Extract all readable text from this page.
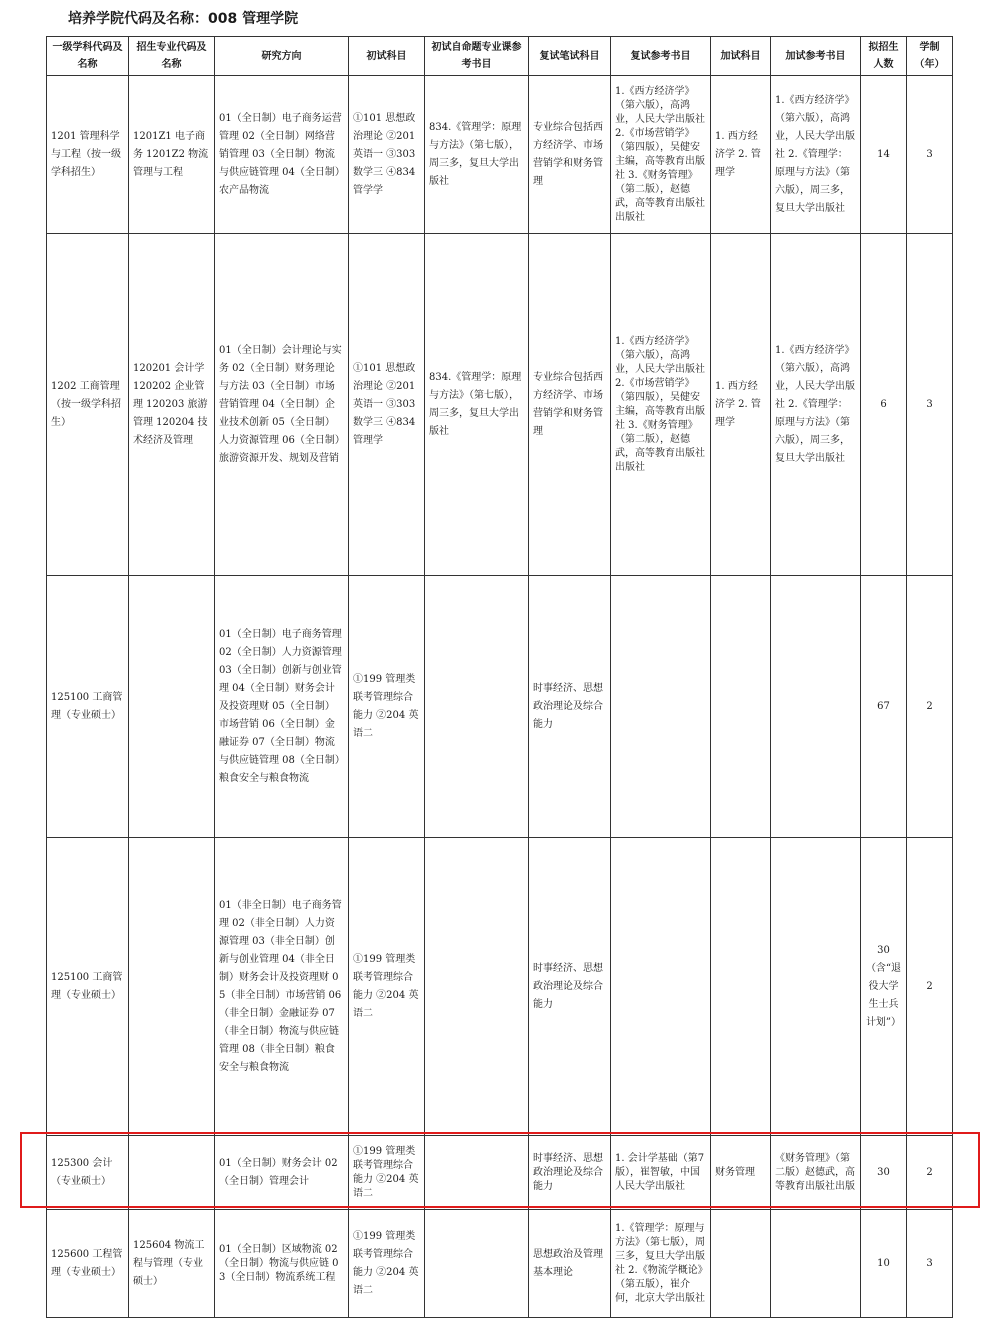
培养学院代码及名称：008 管理学院
一级学科代码及名称	招生专业代码及名称	研究方向	初试科目	初试自命题专业课参考书目	复试笔试科目	复试参考书目	加试科目	加试参考书目	拟招生人数	学制（年）
1201 管理科学与工程（按一级学科招生）	1201Z1 电子商务 1201Z2 物流管理与工程	01（全日制）电子商务运营管理 02（全日制）网络营销管理 03（全日制）物流与供应链管理 04（全日制）农产品物流	①101 思想政治理论 ②201 英语一 ③303 数学三 ④834 管学学	834.《管理学：原理与方法》（第七版），周三多，复旦大学出版社	专业综合包括西方经济学、市场营销学和财务管理	1.《西方经济学》（第六版），高鸿业，人民大学出版社 2.《市场营销学》（第四版），吴健安主编，高等教育出版社 3.《财务管理》（第二版），赵德武，高等教育出版社出版社	1. 西方经济学 2. 管理学	1.《西方经济学》（第六版），高鸿业，人民大学出版社 2.《管理学：原理与方法》（第六版），周三多，复旦大学出版社	14	3
1202 工商管理（按一级学科招生）	120201 会计学 120202 企业管理 120203 旅游管理 120204 技术经济及管理	01（全日制）会计理论与实务 02（全日制）财务理论与方法 03（全日制）市场营销管理 04（全日制）企业技术创新 05（全日制）人力资源管理 06（全日制）旅游资源开发、规划及营销	①101 思想政治理论 ②201 英语一 ③303 数学三 ④834 管理学	834.《管理学：原理与方法》（第七版），周三多，复旦大学出版社	专业综合包括西方经济学、市场营销学和财务管理	1.《西方经济学》（第六版），高鸿业，人民大学出版社 2.《市场营销学》（第四版），吴健安主编，高等教育出版社 3.《财务管理》（第二版），赵德武，高等教育出版社出版社	1. 西方经济学 2. 管理学	1.《西方经济学》（第六版），高鸿业，人民大学出版社 2.《管理学：原理与方法》（第六版），周三多，复旦大学出版社	6	3
125100 工商管理（专业硕士）		01（全日制）电子商务管理 02（全日制）人力资源管理 03（全日制）创新与创业管理 04（全日制）财务会计及投资理财 05（全日制）市场营销 06（全日制）金融证券 07（全日制）物流与供应链管理 08（全日制）粮食安全与粮食物流	①199 管理类联考管理综合能力 ②204 英语二		时事经济、思想政治理论及综合能力				67	2
125100 工商管理（专业硕士）		01（非全日制）电子商务管理 02（非全日制）人力资源管理 03（非全日制）创新与创业管理 04（非全日制）财务会计及投资理财 05（非全日制）市场营销 06（非全日制）金融证券 07（非全日制）物流与供应链管理 08（非全日制）粮食安全与粮食物流	①199 管理类联考管理综合能力 ②204 英语二		时事经济、思想政治理论及综合能力				30（含“退役大学生士兵计划”）	2
125300 会计（专业硕士）		01（全日制）财务会计 02（全日制）管理会计	①199 管理类联考管理综合能力 ②204 英语二		时事经济、思想政治理论及综合能力	1. 会计学基础（第7版），崔智敏，中国人民大学出版社	财务管理	《财务管理》（第二版）赵德武，高等教育出版社出版	30	2
125600 工程管理（专业硕士）	125604 物流工程与管理（专业硕士）	01（全日制）区域物流 02（全日制）物流与供应链 03（全日制）物流系统工程	①199 管理类联考管理综合能力 ②204 英语二		思想政治及管理基本理论	1.《管理学：原理与方法》（第七版），周三多，复旦大学出版社 2.《物流学概论》（第五版），崔介何，北京大学出版社			10	3
